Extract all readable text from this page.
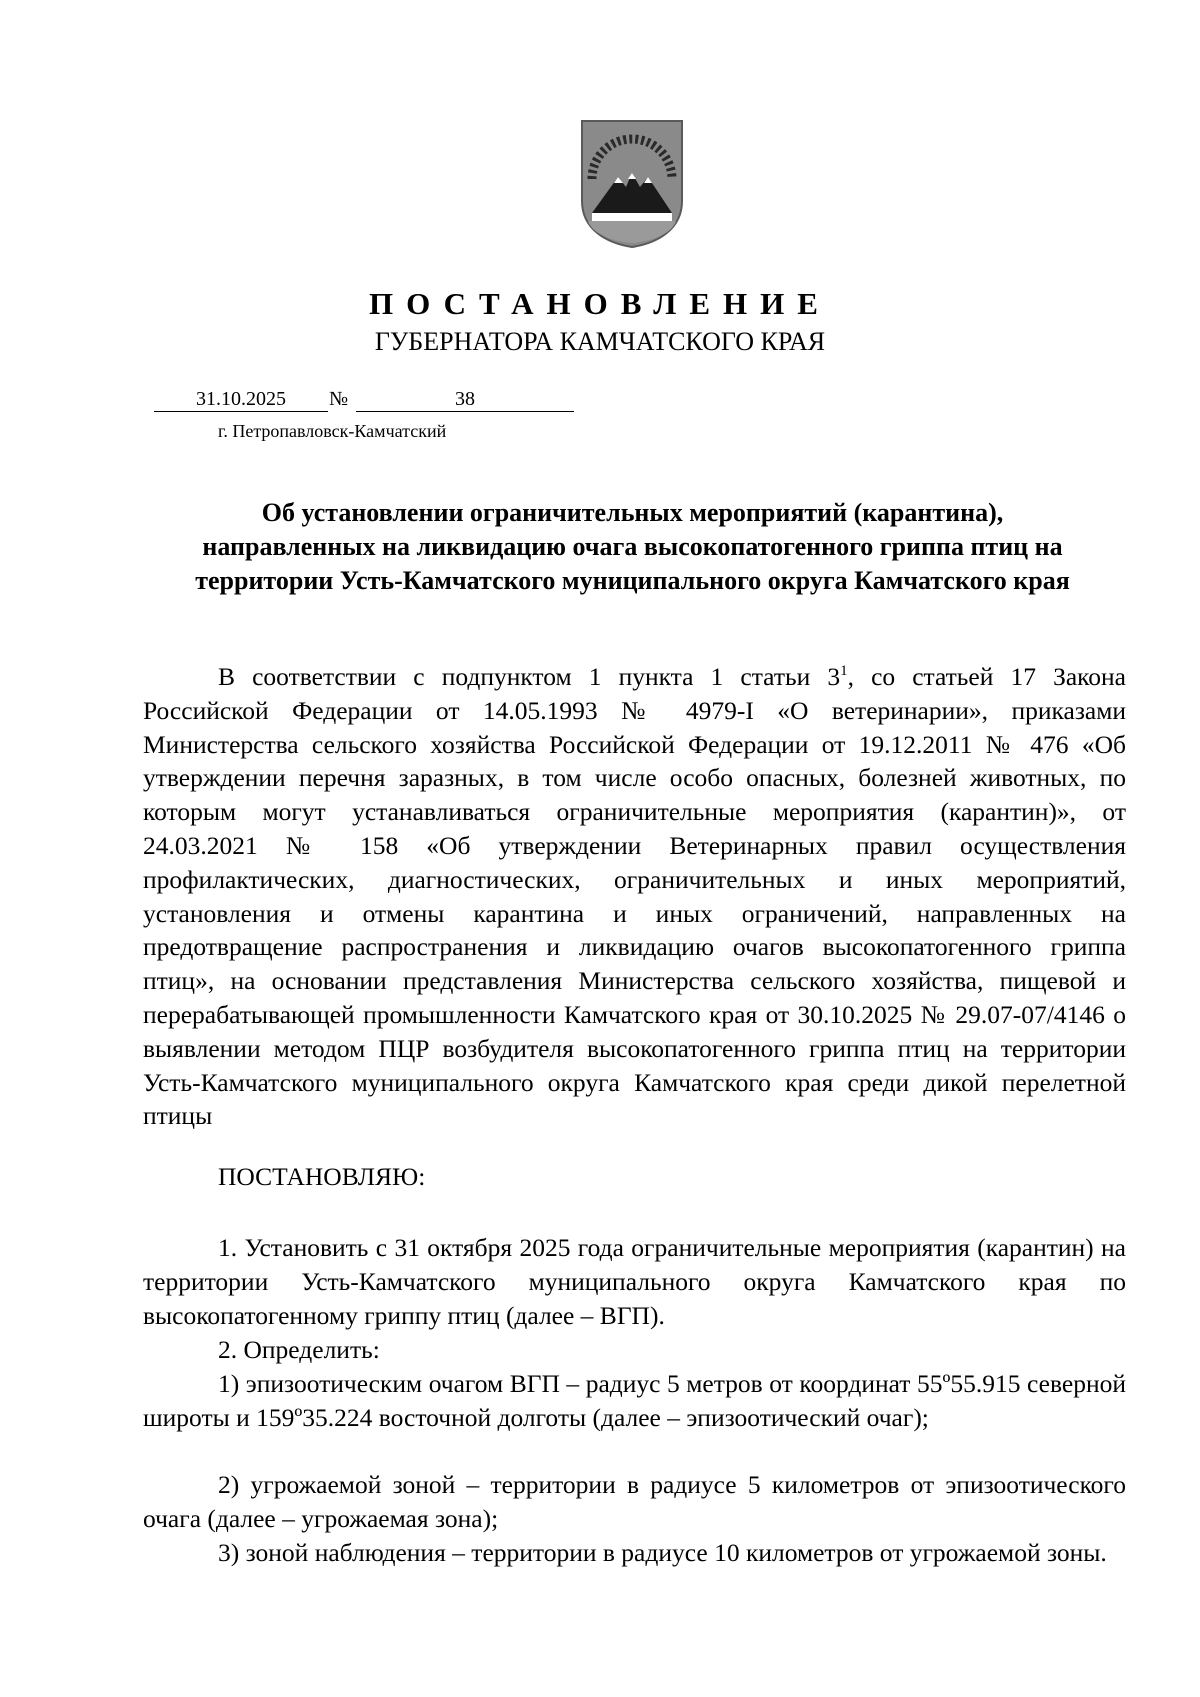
ПОСТАНОВЛЕНИЕ
ГУБЕРНАТОРА КАМЧАТСКОГО КРАЯ
31.10.2025	№	38
г. Петропавловск-Камчатский
Об установлении ограничительных мероприятий (карантина),
направленных на ликвидацию очага высокопатогенного гриппа птиц на
территории Усть-Камчатского муниципального округа Камчатского края
В соответствии с подпунктом 1 пункта 1 статьи $3^1$, со статьей 17 Закона Российской Федерации от 14.05.1993 № 4979-I «О ветеринарии», приказами Министерства сельского хозяйства Российской Федерации от 19.12.2011 № 476 «Об утверждении перечня заразных, в том числе особо опасных, болезней животных, по которым могут устанавливаться ограничительные мероприятия (карантин)», от 24.03.2021 № 158 «Об утверждении Ветеринарных правил осуществления профилактических, диагностических, ограничительных и иных мероприятий, установления и отмены карантина и иных ограничений, направленных на предотвращение распространения и ликвидацию очагов высокопатогенного гриппа птиц», на основании представления Министерства сельского хозяйства, пищевой и перерабатывающей промышленности Камчатского края от 30.10.2025 № 29.07-07/4146 о выявлении методом ПЦР возбудителя высокопатогенного гриппа птиц на территории Усть-Камчатского муниципального округа Камчатского края среди дикой перелетной птицы
ПОСТАНОВЛЯЮ:
1. Установить с 31 октября 2025 года ограничительные мероприятия (карантин) на территории Усть-Камчатского муниципального округа Камчатского края по высокопатогенному гриппу птиц (далее – ВГП).
2. Определить:
1) эпизоотическим очагом ВГП – радиус 5 метров от координат 55º55.915 северной широты и 159º35.224 восточной долготы (далее – эпизоотический очаг);
2) угрожаемой зоной – территории в радиусе 5 километров от эпизоотического очага (далее – угрожаемая зона);
3) зоной наблюдения – территории в радиусе 10 километров от угрожаемой зоны.
